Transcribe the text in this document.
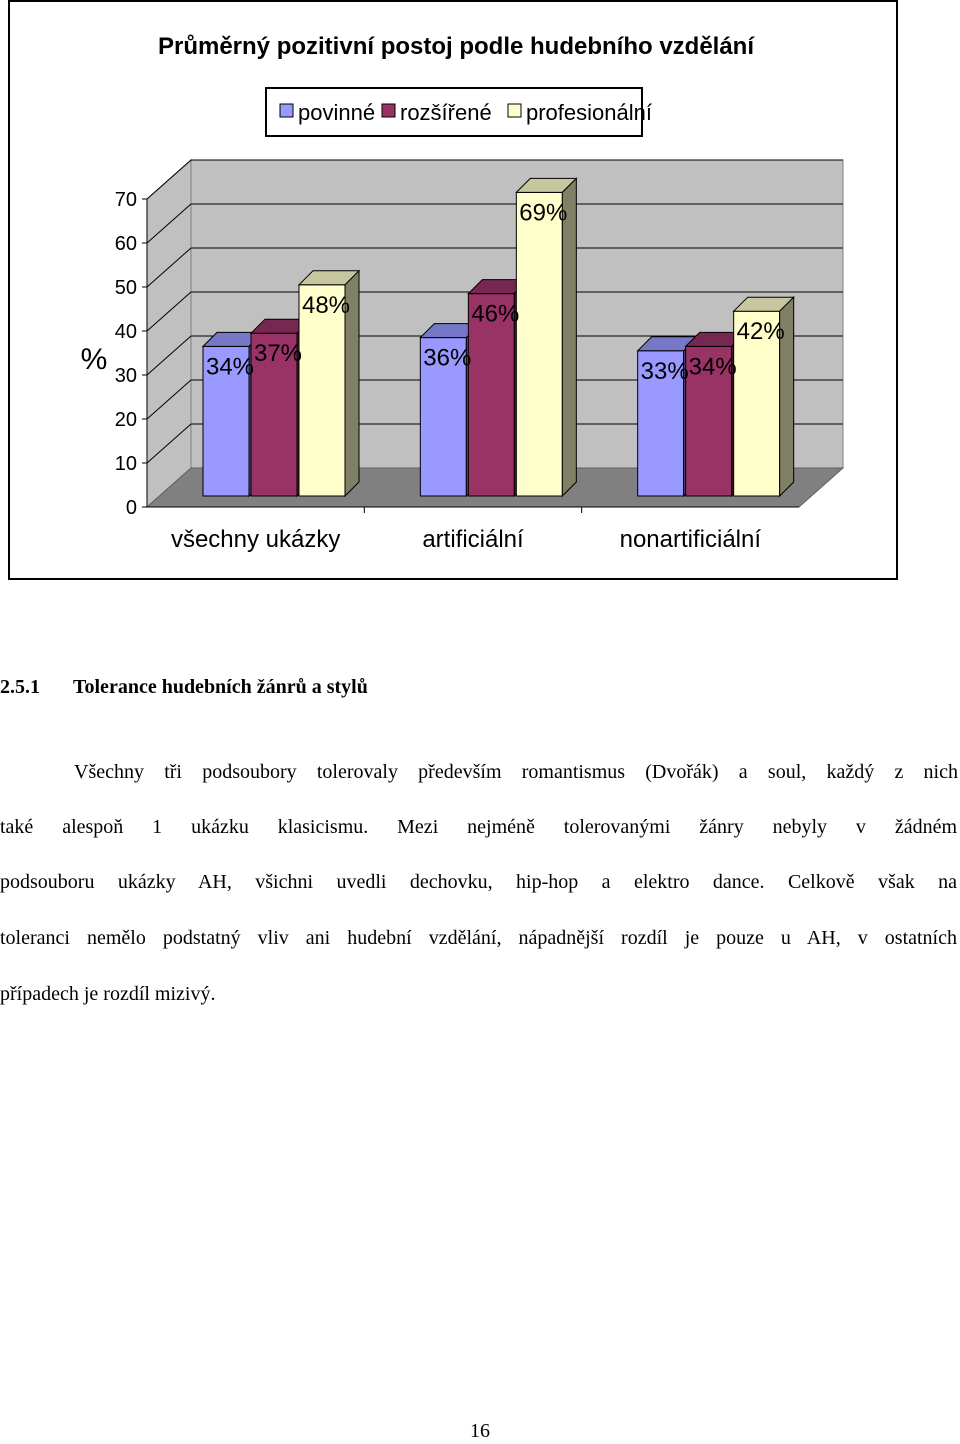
Průměrný pozitivní postoj podle hudebního vzdělání
povinné rozšířené profesionální
0
10
20
30
40
50
60
70
%
všechny ukázky	artificiální	nonartificiální
34% 37%
48%
36%
46%
69%
33% 34%
42%
2.5.1 Tolerance hudebních žánrů a stylů
Všechny tři podsoubory tolerovaly především romantismus (Dvořák) a soul, každý z nich
také alespoň 1 ukázku klasicismu. Mezi nejméně tolerovanými žánry nebyly v žádném
podsouboru ukázky AH, všichni uvedli dechovku, hip-hop a elektro dance. Celkově však na
toleranci nemělo podstatný vliv ani hudební vzdělání, nápadnější rozdíl je pouze u AH, v ostatních
případech je rozdíl mizivý.
16
